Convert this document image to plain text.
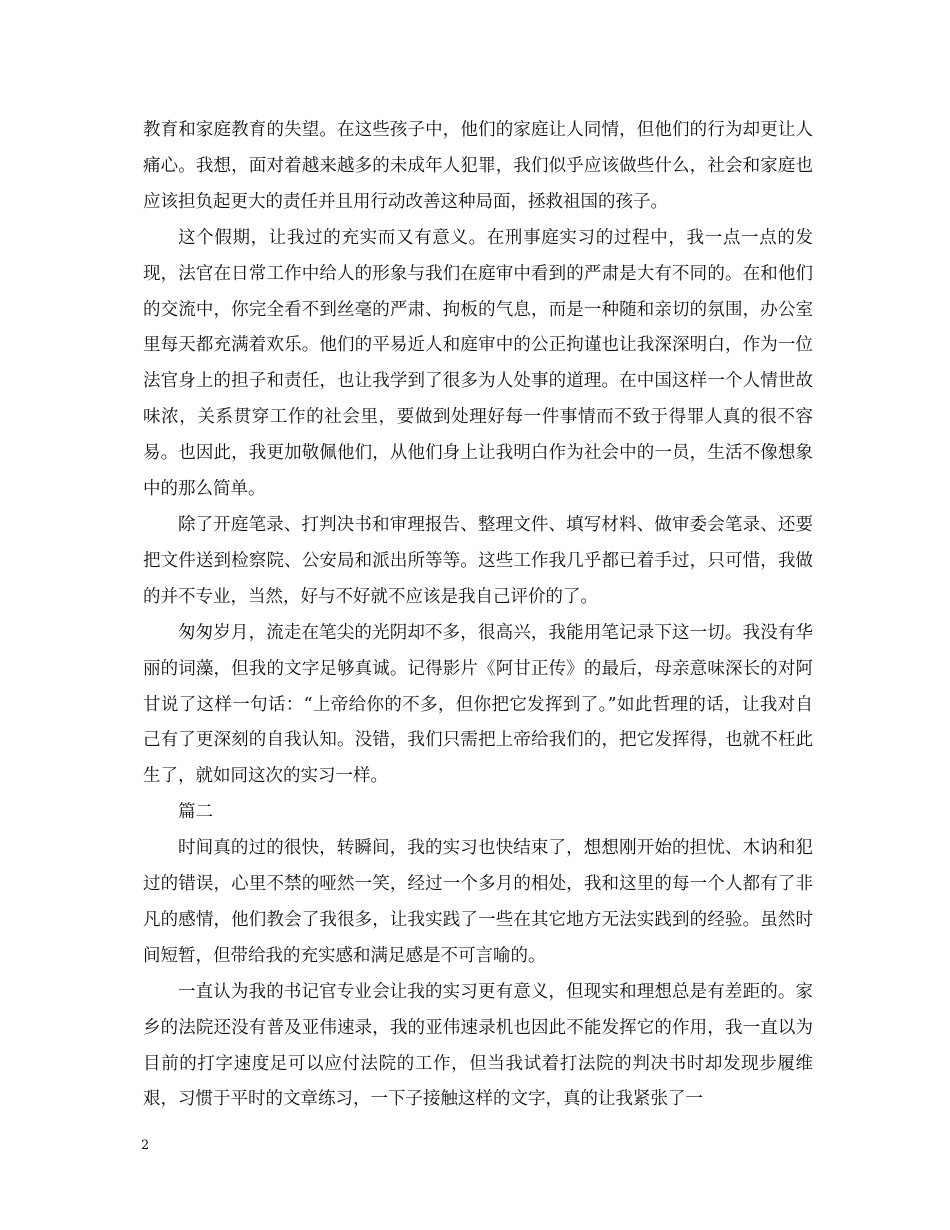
教育和家庭教育的失望。在这些孩子中，他们的家庭让人同情，但他们的行为却更让人痛心。我想，面对着越来越多的未成年人犯罪，我们似乎应该做些什么，社会和家庭也应该担负起更大的责任并且用行动改善这种局面，拯救祖国的孩子。

这个假期，让我过的充实而又有意义。在刑事庭实习的过程中，我一点一点的发现，法官在日常工作中给人的形象与我们在庭审中看到的严肃是大有不同的。在和他们的交流中，你完全看不到丝毫的严肃、拘板的气息，而是一种随和亲切的氛围，办公室里每天都充满着欢乐。他们的平易近人和庭审中的公正拘谨也让我深深明白，作为一位法官身上的担子和责任，也让我学到了很多为人处事的道理。在中国这样一个人情世故味浓，关系贯穿工作的社会里，要做到处理好每一件事情而不致于得罪人真的很不容易。也因此，我更加敬佩他们，从他们身上让我明白作为社会中的一员，生活不像想象中的那么简单。

除了开庭笔录、打判决书和审理报告、整理文件、填写材料、做审委会笔录、还要把文件送到检察院、公安局和派出所等等。这些工作我几乎都已着手过，只可惜，我做的并不专业，当然，好与不好就不应该是我自己评价的了。

匆匆岁月，流走在笔尖的光阴却不多，很高兴，我能用笔记录下这一切。我没有华丽的词藻，但我的文字足够真诚。记得影片《阿甘正传》的最后，母亲意味深长的对阿甘说了这样一句话：“上帝给你的不多，但你把它发挥到了。”如此哲理的话，让我对自己有了更深刻的自我认知。没错，我们只需把上帝给我们的，把它发挥得，也就不枉此生了，就如同这次的实习一样。

篇二

时间真的过的很快，转瞬间，我的实习也快结束了，想想刚开始的担忧、木讷和犯过的错误，心里不禁的哑然一笑，经过一个多月的相处，我和这里的每一个人都有了非凡的感情，他们教会了我很多，让我实践了一些在其它地方无法实践到的经验。虽然时间短暂，但带给我的充实感和满足感是不可言喻的。

一直认为我的书记官专业会让我的实习更有意义，但现实和理想总是有差距的。家乡的法院还没有普及亚伟速录，我的亚伟速录机也因此不能发挥它的作用，我一直以为目前的打字速度足可以应付法院的工作，但当我试着打法院的判决书时却发现步履维艰，习惯于平时的文章练习，一下子接触这样的文字，真的让我紧张了一

2
